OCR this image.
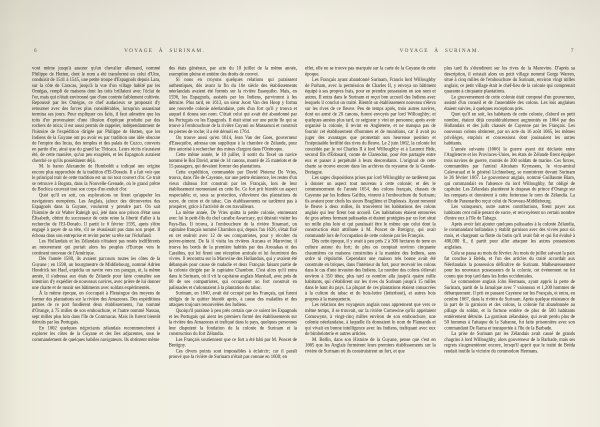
6	VOYAGE À SURINAM.

vont même jusqu'à assurer qu'un chevalier allemand, nommé Philippe de Hutten, dont le nom a été transformé en celui d'Utre, conduisit de 1541 à 1545, une petite troupe d'Espagnols depuis Lara, sur la côte de Caracas, jusqu'à la vue d'un village habité par les Omégas, rempli de maisons dont les toits brillaient avec l'éclat de l'or, mais qui n'était environné que d'une contrée faiblement cultivée. Repoussé par les Omégas, ce chef audacieux se proposait d'y retourner avec des forces plus considérables, lorsqu'un assassinat termina ses jours. Pour expliquer ces faits, il faut admettre que les toits d'or provenaient d'une illusion d'optique produite par des rochers de mica; il est aussi permis de rappeler, indépendamment de l'histoire de l'expédition dirigée par Philippe de Hutten, que les Indiens de la Guyane ont pu avoir eu par tradition une idée obscure de l'empire des Incas, des temples et des palais de Cuzco, couverts en partie d'or, ainsi que du grand lac Titicaca. Leurs récits n'auraient été, de cette manière, qu'un peu exagérés, et les Espagnols auraient cherché ce qu'ils possédaient déjà.

M. le baron Alexandre de Humboldt a indiqué une origine encore plus rapprochée de la tradition d'El-Dorado. Il a fait voir que le principal trait de cette tradition est un roi tout couvert d'or. Ce trait se retrouve à Bogota, dans la Nouvelle-Grenade, où le grand prêtre de Bochica couvrait tout son corps d'un enduit d'or.

Quoi qu'il en soit, ces explorations ne firent qu'appeler les navigateurs européens. Les Anglais, jaloux des découvertes des Espagnols dans la Guyane, voulurent y prendre part. On sait l'histoire de sir Walter Raleigh qui, jeté dans une prison d'état sous Élisabeth, obtint du successeur de cette reine la liberté d'aller à la recherche de l'El-Dorado. Il partit le 6 février 1595, après s'être engagé à payer de sa tête, s'il ne réussissait pas dans son projet. Il échoua dans son entreprise et revint porter sa tête sur l'échafaud.

Les Hollandais et les Zélandais n'étaient pas restés indifférents au mouvement qui portait alors les peuples d'Europe vers le continent nouveau de l'Amérique.

Dès l'année 1580, ils avaient parcouru toutes les côtes de la Guyane ; en 1598, un bourgmestre de Middlebourg, nommé Adrien Hendrick ten Haef, expédia un navire vers ces parages, et, la même année, il s'adressa aux états de Zélande pour faire connaître son intention d'y expédier de nouveaux navires, avec prière de lui donner une charte et de munir ses bâtiments avec soldats expérimentés.

À la même époque, on s'occupait à Flessingue des moyens de former des plantations sur la rivière des Amazones. Des expéditions parties de ce port fondèrent deux établissements, l'un nommé d'Orange, à 75 milles de son embouchure, et l'autre nommé Nassau, sept milles plus loin dans l'île de Commacas. Mais ils furent bientôt détruits par les Portugais.

En 1602 quelques négociants zélandais recommencèrent à explorer les côtes de la Guyane et des îles adjacentes, sous le commandement de quelques habiles navigateurs. Ils obtinrent même

des états généraux, par acte du 10 juillet de la même année, exemption pleine et entière des droits de convoi.

Si nous en croyons quelques relations qui paraissent authentiques, dès avant la fin du 16e siècle des établissements néerlandais avaient été formés sur la rivière Essequibo. Mais, en 1596, les Espagnols, assistés par les Indiens, parvinrent à les détruire. Plus tard, en 1613, un sieur Joost Van den Hoop y forma une nouvelle colonie néerlandaise, près d'un fort qu'il y trouva et auquel il donna son nom. C'était celui qui avait été abandonné par les Portugais ou les Espagnols. Il était situé sur une petite île qui se trouve à l'embouchure de la rivière Cuyuni ou Massaruni et construit en pierres de roche; il a été démoli en 1764.

On trouve aussi qu'en 1614, Jean Van der Goes, gouverneur d'Essequibo, adressa une supplique à la chambre de Zélande, pour être autorisé à rechercher des mines d'argent dans l'Orénoque.

Cette même année, le 10 juillet, il sortit du Texel un navire nommé le Roi David, armé de 14 canons, monté de 25 matelots et de 15 passagers, qui devaient former des plantations.

Cette expédition, commandée par David Pietersz De Vries, trouva, dans l'île de Cayenne, sur une petite éminence, les restes d'un vieux château fort construit par les Français, lors de leur établissement momentané en cette île. Ce fort prit bientôt un aspect respectable; et, sous sa protection, s'élevèrent des plantations de sucre, de coton et de tabac. Ces établissements ne tardèrent pas à prospérer, grâce à l'activité de ces travailleurs.

La même année, De Vries quitta la petite colonie, emmenant avec lui le petit-fils du chef caraïbe Awaricary, qui désirait visiter les Pays-Bas. Il trouva, à l'embouchure de la rivière Sinamari, un capitaine français nommé Chambon qui, depuis l'an 1626, s'était fixé en cet endroit avec 12 de ses compatriotes, pour y récolter du poivre-piment. De là il visita les rivières Aucana et Marovine; il trouva les bords de la première habités par des Arouakas et des Caraïbes, qui lui firent une réception amicale et lui fournirent des vivres. Il rencontra sur la Marovine des Hollandais, qui y avaient été débarqués pour cause de maladie et deux Français faisant partie de la colonie dirigée par le capitaine Chambon. C'est alors qu'il entra dans le Surinam, où il vit le capitaine anglais Marshall, avec près de 60 de ses compatriotes, qui occupaient un fort construit en palissades et s'adonnaient à la plantation du tabac.

Surinam, en 1640, avait été occupé par les Français, qui furent obligés de le quitter bientôt après, à cause des maladies et des attaques toujours renouvelées des Indiens.

Quoiqu'il paraisse à peu près certain que ce soient les Espagnols et les Portugais qui aient les premiers formé des établissements sur la rivière des Amazones et trafiqué dans le pays, quelques personnes leur disputent la fondation de la colonie de Surinam et la construction du fort Zélandia.

Les Français soutiennent que ce fort a été bâti par M. Poncet de Bretigny.

Ces divers points sont impossibles à éclaircir; car il paraît prouvé que la rivière de Surinam n'était pas connue en 1600; en

VOYAGE À SURINAM.	7

effet, elle ne se trouve pas marquée sur la carte de la Guyane de cette époque.

Les Français ayant abandonné Surinam, Francis lord Willoughby de Parham, avec la permission de Charles II, y envoya un bâtiment équipé à ses propres frais, pour en prendre possession en son nom et autres. Il entra dans le Surinam et reçut bon accueil des Indiens avec lesquels il conclut un traité. Bientôt un établissement nouveau s'éleva sur les rives de ce fleuve. Peu de temps après, trois autres navires, dont un armé de 20 canons, furent envoyés par lord Willoughby; et quelques années plus tard, ce seigneur y vint en personne; après avoir organisé la colonie, il revint en Angleterre, et ne manqua pas de fournir cet établissement d'hommes et de munitions, car il avait pu juger des avantages que promettait son heureuse position et l'inépuisable fertilité des rives du fleuve. Le 2 juin 1662, la colonie fut concédée par le roi Charles II à lord Willoughby et à Laurent Hide, second fils d'Édouard, comte de Clarendon, pour être partagée entre eux et passer à perpétuité à leurs descendants. L'original de cette charte se trouve encore dans les archives du royaume de la Grande-Bretagne.

Les sages dispositions prises par lord Willoughby ne tardèrent pas à donner un aspect tout nouveau à cette colonie; et dès le commencement de l'année 1654, des colons français, chassés de Cayenne par les Indiens Galibis, vinrent à l'embouchure du Surinam; ils avaient pour chefs les sieurs Bragliène et Duplessis. Ayant remonté le fleuve à deux milles, ils trouvèrent les habitations des colons anglais qui leur firent bon accueil. Ces habitations étaient entourées de gros arbres formant palissades et étaient protégées par un fort situé un mille plus loin et qui paraissait être le même que celui dont la construction était attribuée à M. Poncet de Bretigny, qui avait commandé lors de l'occupation de cette colonie par les Français.

Dès cette époque, il y avait à peu près 2 à 300 hectares de terre en culture autour du fort; de plus on comptait environ cinquante chaumières ou maisons construites à la manière des Indiens, sans ordre ni régularité. Cependant une maison très bonne avait été construite en briques, dans l'intérieur du fort, pour recevoir les colons dans le cas d'une invasion des Indiens. Le nombre des colons s'élevait environ à 350 têtes; plus tard ce nombre alla jusqu'à quatre mille habitants, qui s'établirent sur les rives du Surinam jusqu'à 15 milles dans le haut du pays. La plupart de ces plantations étaient consacrées à la culture du tabac et du bois-lettre (letterhout), et autres bois propres à la marqueterie.

Les relations des voyageurs anglais nous apprennent que vers ce même temps, il se trouvait, sur la rivière Comewine qu'ils appelaient Comowyne, à vingt-cinq milles environ de son embouchure, une colonie néerlandaise, à laquelle ils donnaient le nom de Flamands et qui vivait en bonne intelligence avec les Indiens, trafiquant avec eux de bimbeloterie et autres articles.

M. Bellin, dans son Histoire de la Guyane, pense que c'est en 1665 que les Anglais formèrent leurs premiers établissements sur la rivière de Surinam où ils construisirent un fort, et que

plus tard ils s'étendirent sur les rives de la Marovine. D'après sa description, il existait alors un petit village nommé Gorge Warren, situé à cinq milles de l'embouchure du Surinam, environ vingt milles anglais; ce petit village était le chef-lieu de la colonie qui comprenait quarante à cinquante plantations.

Le gouvernement de cette colonie était composé d'un gouverneur, assisté d'un conseil et de l'assemblée des colons. Les lois anglaises étaient suivies, à quelques exceptions près.

Quoi qu'il en soit, les habitants de cette colonie, d'abord en petit nombre, étaient déjà considérablement augmentés en 1664 par des Hollandais et des juifs chassés de Cayenne par les Français. Les nouveaux colons obtinrent, par un acte du 16 août 1665, les mêmes privilèges, emplois et concessions dont jouissaient les autres habitants.

L'année suivante (1666) la guerre ayant été déclarée entre l'Angleterre et les Provinces-Unies, les états de Zélande firent équiper trois navires de guerre, montés de 300 soldats de marine. Ces forces, commandées par l'amiral Abraham Krynssens, le vice-amiral Calevaraad et le général Lichtenberg, se montrèrent devant Surinam le 26 février 1667. Le gouverneur anglais, nommé Guillaume Biam, qui commandait en l'absence du lord Willoughby, fut obligé de capituler. Les Zélandais plantèrent le drapeau du prince d'Orange sur les remparts et donnèrent à cette forteresse le nom de Zélandia. La ville de Paramaribo reçut celui de Nouveau-Middlebourg.

Les vainqueurs, outre autres contributions, firent payer aux habitants cent mille pesant de sucre, et renvoyèrent un certain nombre d'entre eux à l'île de Tabago.

Après avoir fait ajouter quelques palissades à la colonie Zélandia, le commandant hollandais y établit garnison avec des vivres pour six mois, et chargeant sa flotte du butin qu'il avait fait et qui fut évalué à 400,000 fl., il partit pour aller attaquer les autres possessions anglaises.

Cela se passa au mois de février. Au mois de juillet suivant la paix fut conclue à Bréda, et l'un des articles du traité accordait aux Néerlandais la possession définitive de Surinam. Malheureusement pour les nouveaux possesseurs de la colonie, cet événement ne fut connu que trop tard dans les Indes occidentales.

Le commodore anglais John Hermans, ayant appris la perte de Surinam, partit de la Jamaïque avec 7 vaisseaux et 1,200 hommes de débarquement. Il prit en passant Cayenne sur les Français, et entra, en octobre 1667, dans la rivière de Surinam. Après quelque résistance de la part de la garnison et des colons, la colonie fut abandonnée au pillage du soldat, et la fortune entière de plus de 500 habitants entièrement détruite. La garnison zélandaise, qui avait perdu plus de 50 hommes à l'attaque de la Sabanne, fut faite prisonnière avec son commandant De Rama et transportée à l'île de la Barbade.

La prise de Surinam par les Zélandais avait causé de grands chagrins à lord Willoughby, alors gouverneur de la Barbade, mais ses regrets s'augmentèrent encore, lorsqu'il apprit que le traité de Bréda rendait inutile la victoire du commodore Hermans.
